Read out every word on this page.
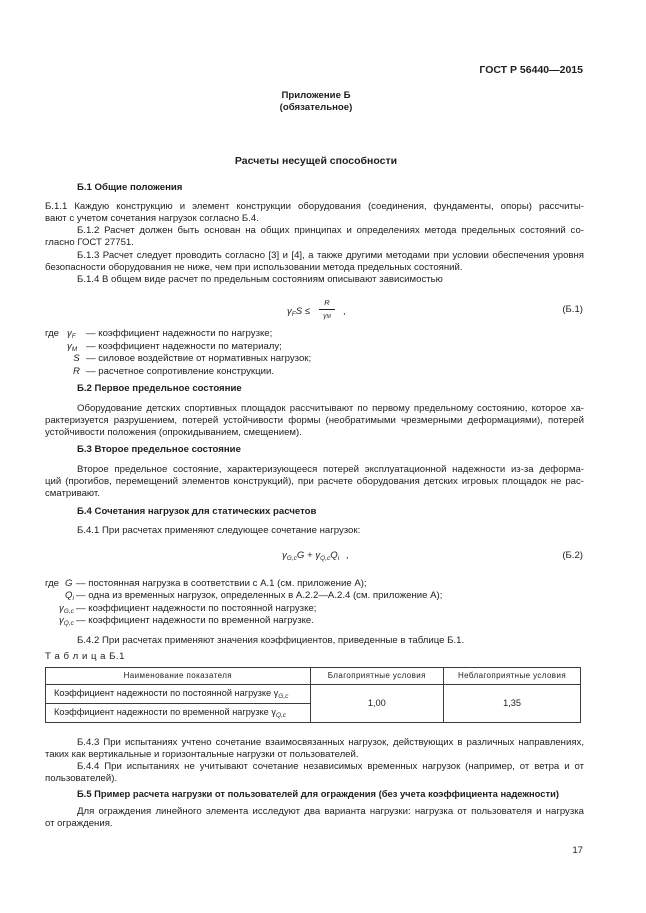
ГОСТ Р 56440—2015
Приложение Б
(обязательное)
Расчеты несущей способности
Б.1 Общие положения
Б.1.1 Каждую конструкцию и элемент конструкции оборудования (соединения, фундаменты, опоры) рассчиты-
вают с учетом сочетания нагрузок согласно Б.4.
Б.1.2 Расчет должен быть основан на общих принципах и определениях метода предельных состояний со-
гласно ГОСТ 27751.
Б.1.3 Расчет следует проводить согласно [3] и [4], а также другими методами при условии обеспечения уровня
безопасности оборудования не ниже, чем при использовании метода предельных состояний.
Б.1.4 В общем виде расчет по предельным состояниям описывают зависимостью
$\gamma_FS$ ≤
R
γM	,	(Б.1)
где $\gamma_F$ — коэффициент надежности по нагрузке;
$\gamma_M$ — коэффициент надежности по материалу;
S — силовое воздействие от нормативных нагрузок;
R — расчетное сопротивление конструкции.
Б.2 Первое предельное состояние
Оборудование детских спортивных площадок рассчитывают по первому предельному состоянию, которое ха-
рактеризуется разрушением, потерей устойчивости формы (необратимыми чрезмерными деформациями), потерей
устойчивости положения (опрокидыванием, смещением).
Б.3 Второе предельное состояние
Второе предельное состояние, характеризующееся потерей эксплуатационной надежности из-за деформа-
ций (прогибов, перемещений элементов конструкций), при расчете оборудования детских игровых площадок не рас-
сматривают.
Б.4 Сочетания нагрузок для статических расчетов
Б.4.1 При расчетах применяют следующее сочетание нагрузок:
$\gamma_{G,c}G + \gamma_{Q,c}Q_i$ ,	(Б.2)
где G — постоянная нагрузка в соответствии с А.1 (см. приложение А);
$Q_i$ — одна из временных нагрузок, определенных в А.2.2—А.2.4 (см. приложение А);
$\gamma_{G,c}$ — коэффициент надежности по постоянной нагрузке;
$\gamma_{Q,c}$ — коэффициент надежности по временной нагрузке.
Б.4.2 При расчетах применяют значения коэффициентов, приведенные в таблице Б.1.
Т а б л и ц а Б.1
Наименование показателя	Благоприятные условия	Неблагоприятные условия
Коэффициент надежности по постоянной нагрузке $\gamma_{G,c}$	1,00	1,35
Коэффициент надежности по временной нагрузке $\gamma_{Q,c}$
Б.4.3 При испытаниях учтено сочетание взаимосвязанных нагрузок, действующих в различных направлениях,
таких как вертикальные и горизонтальные нагрузки от пользователей.
Б.4.4 При испытаниях не учитывают сочетание независимых временных нагрузок (например, от ветра и от
пользователей).
Б.5 Пример расчета нагрузки от пользователей для ограждения (без учета коэффициента надежности)
Для ограждения линейного элемента исследуют два варианта нагрузки: нагрузка от пользователя и нагрузка
от ограждения.
17
